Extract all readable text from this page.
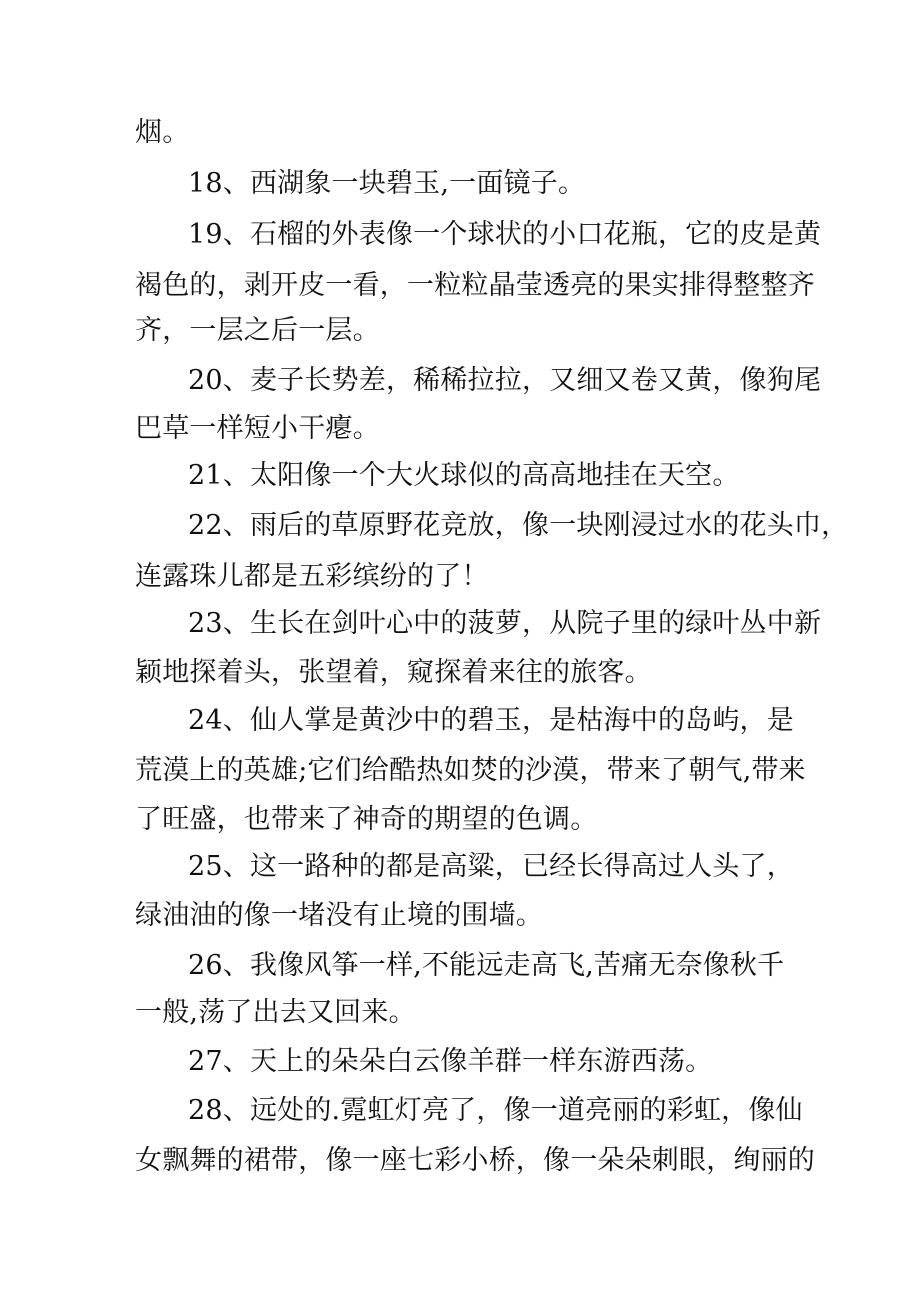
烟。
18、西湖象一块碧玉,一面镜子。
19、石榴的外表像一个球状的小口花瓶，它的皮是黄
褐色的，剥开皮一看，一粒粒晶莹透亮的果实排得整整齐
齐，一层之后一层。
20、麦子长势差，稀稀拉拉，又细又卷又黄，像狗尾
巴草一样短小干瘪。
21、太阳像一个大火球似的高高地挂在天空。
22、雨后的草原野花竞放，像一块刚浸过水的花头巾，
连露珠儿都是五彩缤纷的了！
23、生长在剑叶心中的菠萝，从院子里的绿叶丛中新
颖地探着头，张望着，窥探着来往的旅客。
24、仙人掌是黄沙中的碧玉，是枯海中的岛屿，是
荒漠上的英雄;它们给酷热如焚的沙漠，带来了朝气,带来
了旺盛，也带来了神奇的期望的色调。
25、这一路种的都是高粱，已经长得高过人头了，
绿油油的像一堵没有止境的围墙。
26、我像风筝一样,不能远走高飞,苦痛无奈像秋千
一般,荡了出去又回来。
27、天上的朵朵白云像羊群一样东游西荡。
28、远处的.霓虹灯亮了，像一道亮丽的彩虹，像仙
女飘舞的裙带，像一座七彩小桥，像一朵朵刺眼，绚丽的
